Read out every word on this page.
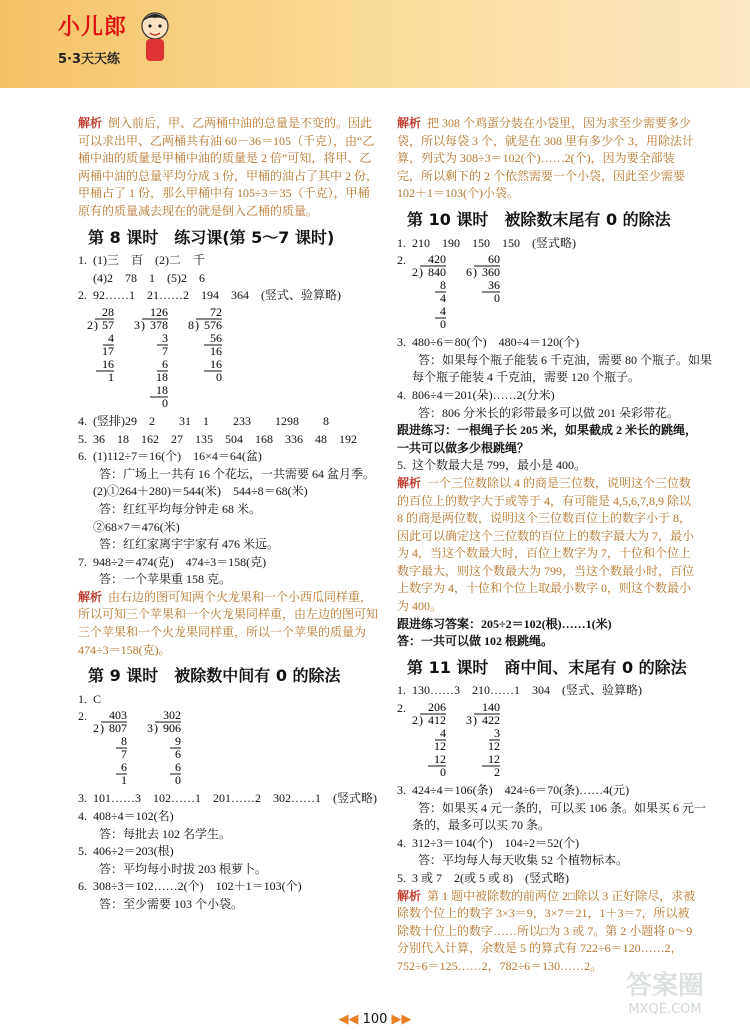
小儿郎
5·3天天练

解析 倒入前后，甲、乙两桶中油的总量是不变的。因此可以求出甲、乙两桶共有油 60－36＝105（千克），由“乙桶中油的质量是甲桶中油的质量是 2 倍”可知，将甲、乙两桶中油的总量平均分成 3 份，甲桶的油占了其中 2 份，甲桶占了 1 份，那么甲桶中有 105÷3＝35（千克），甲桶原有的质量减去现在的就是倒入乙桶的质量。

第 8 课时　练习课(第 5～7 课时)

1.  (1)三　百　(2)二　千

(4)2　78　1　(5)2　6

2.  92……1　21……2　194　364　(竖式、验算略)

28
2 ) 57
4
17
16
1
126
3 ) 378
3
7
6
18
18
0
72
8 ) 576
56
16
16
0

4.  (竖排)29　2　　31　1　　233　　1298　　8

5.  36　18　162　27　135　504　168　336　48　192

6.  (1)112÷7＝16(个)　16×4＝64(盆)

答：广场上一共有 16 个花坛，一共需要 64 盆月季。

(2)①264＋280)＝544(米)　544÷8＝68(米)

答：红红平均每分钟走 68 米。

②68×7＝476(米)

答：红红家离宇宇家有 476 米远。

7.  948÷2＝474(克)　474÷3＝158(克)

答：一个苹果重 158 克。

解析 由右边的图可知两个火龙果和一个小西瓜同样重，所以可知三个苹果和一个火龙果同样重，由左边的图可知三个苹果和一个火龙果同样重，所以一个苹果的质量为474÷3＝158(克)。

第 9 课时　被除数中间有 0 的除法

1.  C

2. 403
2 ) 807
8
7
6
1
302
3 ) 906
9
6
6
0

3.  101……3　102……1　201……2　302……1　(竖式略)

4.  408÷4＝102(名)

答：每批去 102 名学生。

5.  406÷2＝203(根)

答：平均每小时拔 203 根萝卜。

6.  308÷3＝102……2(个)　102＋1＝103(个)

答：至少需要 103 个小袋。

解析 把 308 个鸡蛋分装在小袋里，因为求至少需要多少袋，所以每袋 3 个，就是在 308 里有多少个 3，用除法计算，列式为 308÷3＝102(个)……2(个)，因为要全部装完，所以剩下的 2 个依然需要一个小袋，因此至少需要 102＋1＝103(个)小袋。

第 10 课时　被除数末尾有 0 的除法

1.  210　190　150　150　(竖式略)

2. 420
2 ) 840
8
4
4
0
60
6 ) 360
36
0

3.  480÷6＝80(个)　480÷4＝120(个)

答：如果每个瓶子能装 6 千克油，需要 80 个瓶子。如果

每个瓶子能装 4 千克油，需要 120 个瓶子。

4.  806÷4＝201(朵)……2(分米)

答：806 分米长的彩带最多可以做 201 朵彩带花。

跟进练习：一根绳子长 205 米，如果截成 2 米长的跳绳，一共可以做多少根跳绳？

5.  这个数最大是 799，最小是 400。

解析 一个三位数除以 4 的商是三位数，说明这个三位数的百位上的数字大于或等于 4，有可能是 4,5,6,7,8,9 除以 8 的商是两位数，说明这个三位数百位上的数字小于 8，因此可以确定这个三位数的百位上的数字最大为 7，最小为 4，当这个数最大时，百位上数字为 7，十位和个位上数字最大，则这个数最大为 799，当这个数最小时，百位上数字为 4，十位和个位上取最小数字 0，则这个数最小为 400。

跟进练习答案：205÷2＝102(根)……1(米)

答：一共可以做 102 根跳绳。

第 11 课时　商中间、末尾有 0 的除法

1.  130……3　210……1　304　(竖式、验算略)

2. 206
2 ) 412
4
12
12
0
140
3 ) 422
3
12
12
2

3.  424÷4＝106(条)　424÷6＝70(条)……4(元)

答：如果买 4 元一条的，可以买 106 条。如果买 6 元一

条的，最多可以买 70 条。

4.  312÷3＝104(个)　104÷2＝52(个)

答：平均每人每天收集 52 个植物标本。

5.  3 或 7　2(或 5 或 8)　(竖式略)

解析 第 1 题中被除数的前两位 2□除以 3 正好除尽，求被除数个位上的数字 3×3＝9，3×7＝21，1＋3＝7，所以被除数十位上的数字……所以□为 3 或 7。第 2 小题将 0～9 分别代入计算，余数是 5 的算式有 722÷6＝120……2，752÷6＝125……2，782÷6＝130……2。

◀◀ 100 ▶▶
答案圈
MXQE.COM
